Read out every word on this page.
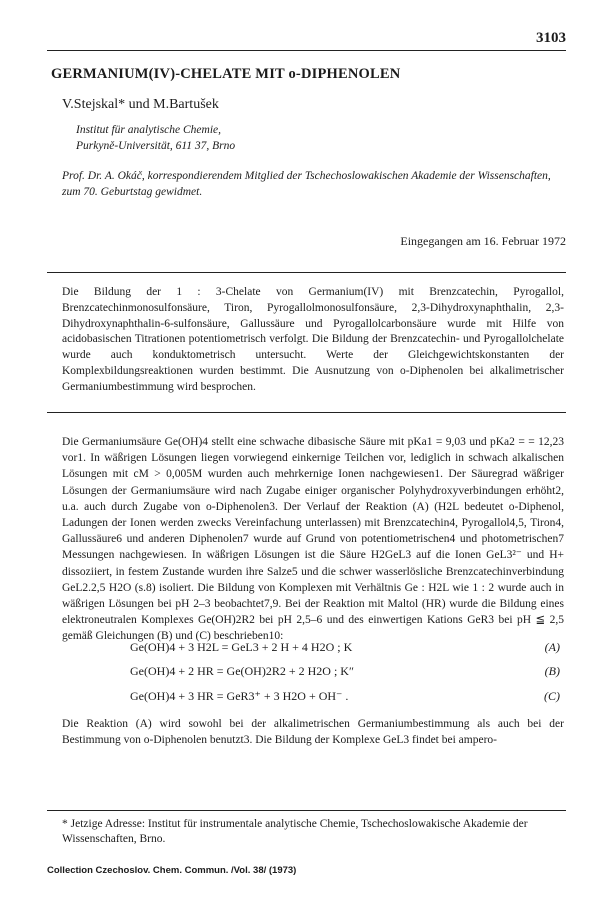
3103
GERMANIUM(IV)-CHELATE MIT o-DIPHENOLEN
V.Stejskal* und M.Bartušek
Institut für analytische Chemie,
Purkyně-Universität, 611 37, Brno
Prof. Dr. A. Okáč, korrespondierendem Mitglied der Tschechoslowakischen Akademie der Wissenschaften, zum 70. Geburtstag gewidmet.
Eingegangen am 16. Februar 1972
Die Bildung der 1 : 3-Chelate von Germanium(IV) mit Brenzcatechin, Pyrogallol, Brenzcatechinmonosulfonsäure, Tiron, Pyrogallolmonosulfonsäure, 2,3-Dihydroxynaphthalin, 2,3-Dihydroxynaphthalin-6-sulfonsäure, Gallussäure und Pyrogallolcarbonsäure wurde mit Hilfe von acidobasischen Titrationen potentiometrisch verfolgt. Die Bildung der Brenzcatechin- und Pyrogallolchelate wurde auch konduktometrisch untersucht. Werte der Gleichgewichtskonstanten der Komplexbildungsreaktionen wurden bestimmt. Die Ausnutzung von o-Diphenolen bei alkalimetrischer Germaniumbestimmung wird besprochen.
Die Germaniumsäure Ge(OH)4 stellt eine schwache dibasische Säure mit pKa1 = 9,03 und pKa2 = = 12,23 vor1. In wäßrigen Lösungen liegen vorwiegend einkernige Teilchen vor, lediglich in schwach alkalischen Lösungen mit cM > 0,005M wurden auch mehrkernige Ionen nachgewiesen1. Der Säuregrad wäßriger Lösungen der Germaniumsäure wird nach Zugabe einiger organischer Polyhydroxyverbindungen erhöht2, u.a. auch durch Zugabe von o-Diphenolen3. Der Verlauf der Reaktion (A) (H2L bedeutet o-Diphenol, Ladungen der Ionen werden zwecks Vereinfachung unterlassen) mit Brenzcatechin4, Pyrogallol4,5, Tiron4, Gallussäure6 und anderen Diphenolen7 wurde auf Grund von potentiometrischen4 und photometrischen7 Messungen nachgewiesen. In wäßrigen Lösungen ist die Säure H2GeL3 auf die Ionen GeL3²⁻ und H+ dissoziiert, in festem Zustande wurden ihre Salze5 und die schwer wasserlösliche Brenzcatechinverbindung GeL2.2,5 H2O (s.8) isoliert. Die Bildung von Komplexen mit Verhältnis Ge : H2L wie 1 : 2 wurde auch in wäßrigen Lösungen bei pH 2–3 beobachtet7,9. Bei der Reaktion mit Maltol (HR) wurde die Bildung eines elektroneutralen Komplexes Ge(OH)2R2 bei pH 2,5–6 und des einwertigen Kations GeR3 bei pH ≦ 2,5 gemäß Gleichungen (B) und (C) beschrieben10:
Ge(OH)4 + 3 H2L = GeL3 + 2 H + 4 H2O ; K	(A)
Ge(OH)4 + 2 HR = Ge(OH)2R2 + 2 H2O ; K″	(B)
Ge(OH)4 + 3 HR = GeR3⁺ + 3 H2O + OH⁻ .	(C)
Die Reaktion (A) wird sowohl bei der alkalimetrischen Germaniumbestimmung als auch bei der Bestimmung von o-Diphenolen benutzt3. Die Bildung der Komplexe GeL3 findet bei ampero-
* Jetzige Adresse: Institut für instrumentale analytische Chemie, Tschechoslowakische Akademie der Wissenschaften, Brno.
Collection Czechoslov. Chem. Commun. /Vol. 38/ (1973)
